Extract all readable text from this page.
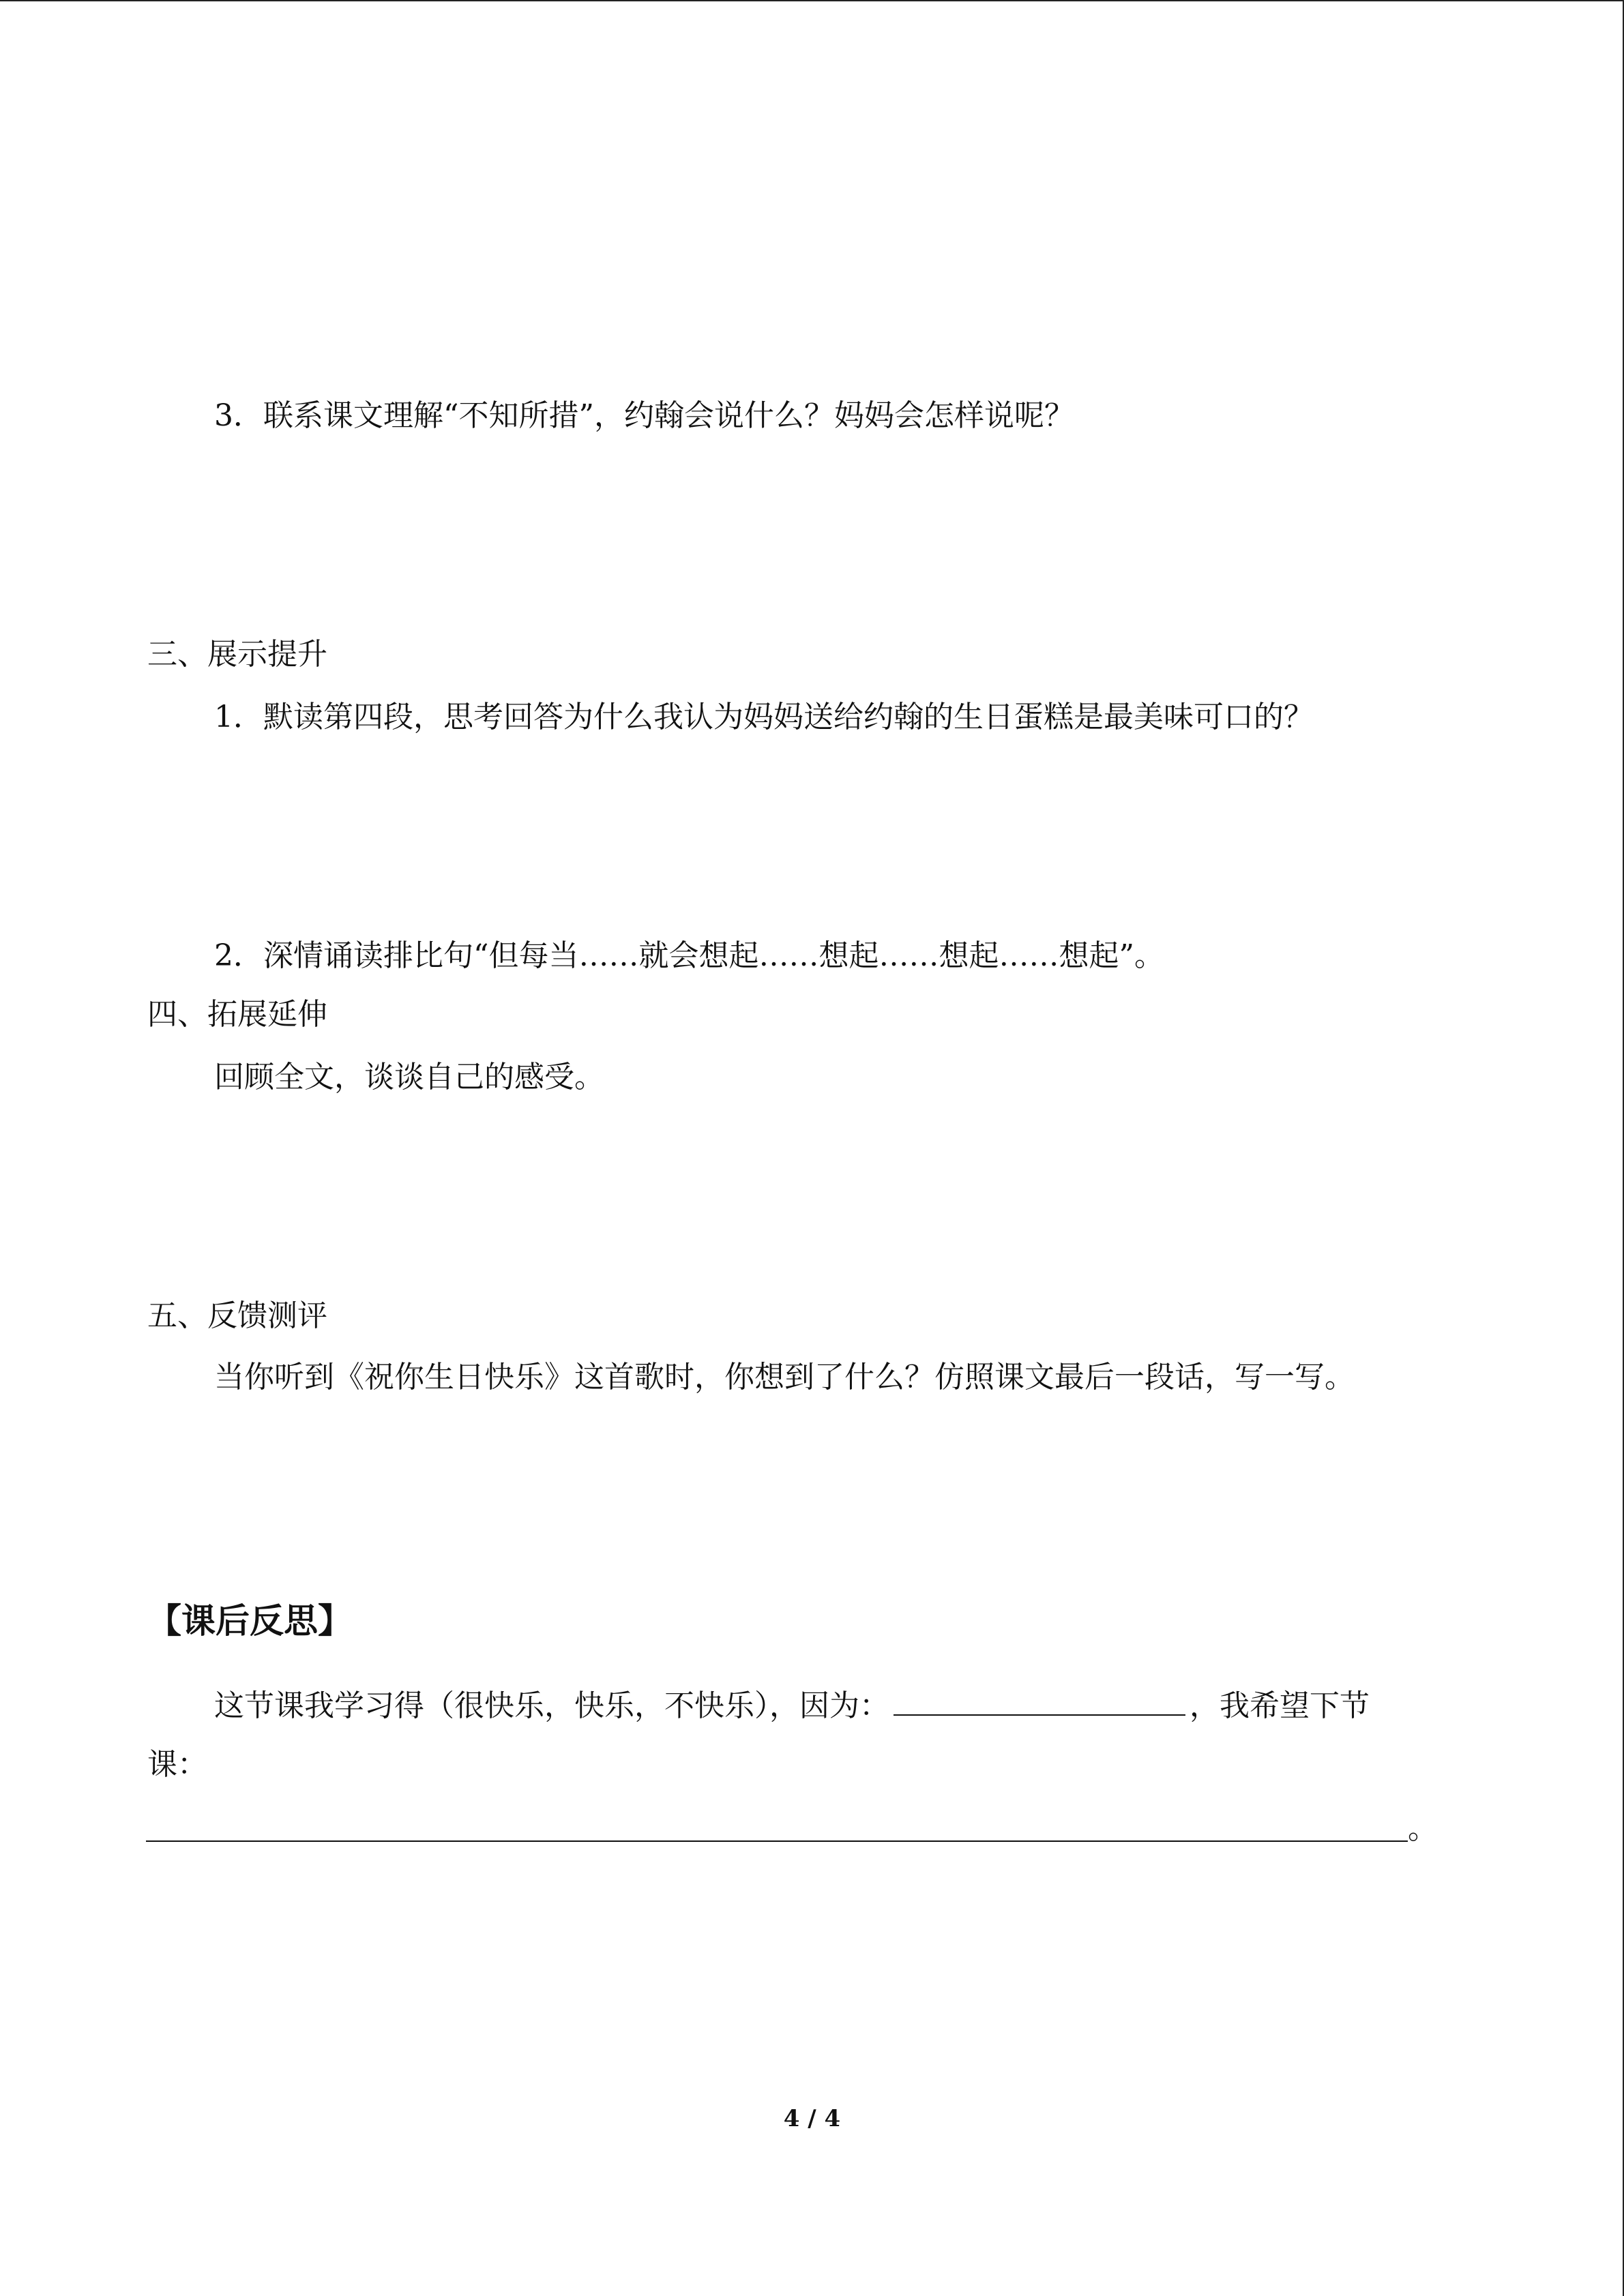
3．联系课文理解“不知所措”，约翰会说什么？妈妈会怎样说呢？
三、展示提升
1．默读第四段，思考回答为什么我认为妈妈送给约翰的生日蛋糕是最美味可口的？
2．深情诵读排比句“但每当……就会想起……想起……想起……想起”。
四、拓展延伸
回顾全文，谈谈自己的感受。
五、反馈测评
当你听到《祝你生日快乐》这首歌时，你想到了什么？仿照课文最后一段话，写一写。
【课后反思】
这节课我学习得（很快乐，快乐，不快乐），因为：	，我希望下节
课：
。
4 / 4
